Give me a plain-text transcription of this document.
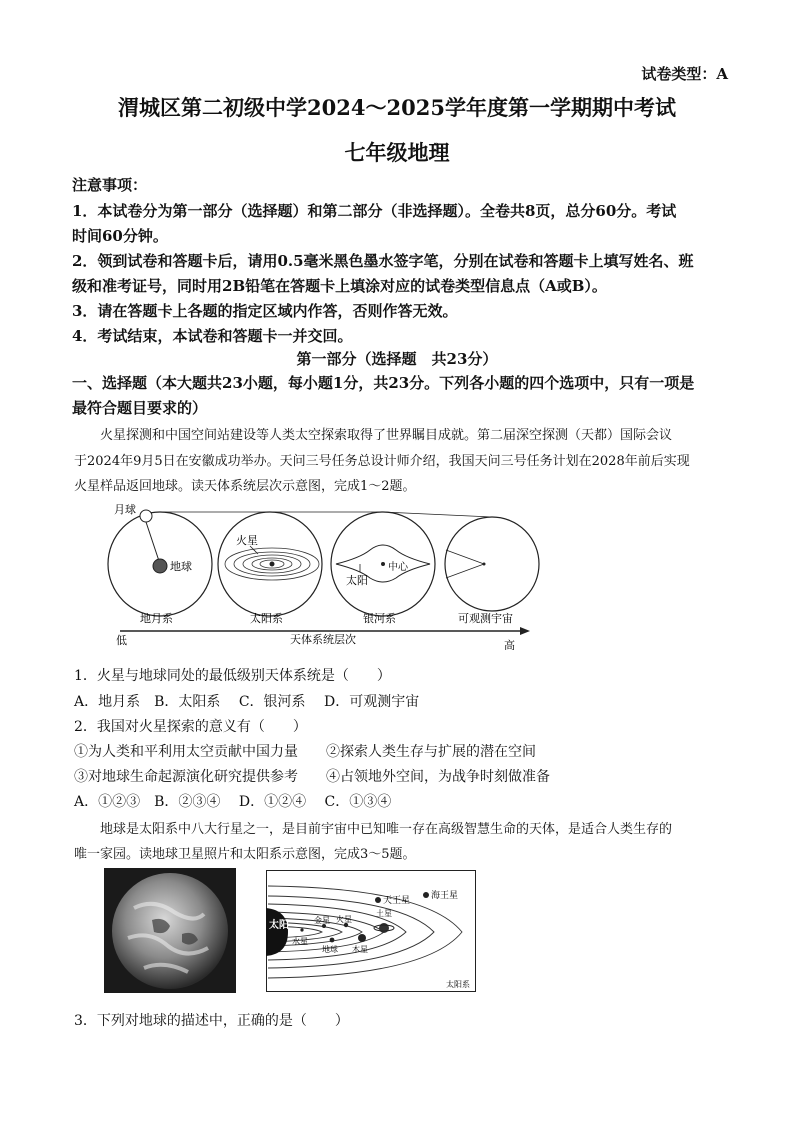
试卷类型：A
渭城区第二初级中学2024～2025学年度第一学期期中考试
七年级地理
注意事项：
1．本试卷分为第一部分（选择题）和第二部分（非选择题）。全卷共8页，总分60分。考试
时间60分钟。
2．领到试卷和答题卡后，请用0.5毫米黑色墨水签字笔，分别在试卷和答题卡上填写姓名、班
级和准考证号，同时用2B铅笔在答题卡上填涂对应的试卷类型信息点（A或B）。
3．请在答题卡上各题的指定区域内作答，否则作答无效。
4．考试结束，本试卷和答题卡一并交回。
第一部分（选择题　共23分）
一、选择题（本大题共23小题，每小题1分，共23分。下列各小题的四个选项中，只有一项是
最符合题目要求的）
火星探测和中国空间站建设等人类太空探索取得了世界瞩目成就。第二届深空探测（天都）国际会议
于2024年9月5日在安徽成功举办。天问三号任务总设计师介绍，我国天问三号任务计划在2028年前后实现
火星样品返回地球。读天体系统层次示意图，完成1～2题。
月球
地球
火星
太阳
中心
地月系	太阳系	银河系	可观测宇宙
低	天体系统层次	高
1．火星与地球同处的最低级别天体系统是（　　）
A．地月系　B．太阳系　 C．银河系　 D．可观测宇宙
2．我国对火星探索的意义有（　　）
①为人类和平利用太空贡献中国力量　　②探索人类生存与扩展的潜在空间
③对地球生命起源演化研究提供参考　　④占领地外空间，为战争时刻做准备
A．①②③　B．②③④　 D．①②④　 C．①③④
地球是太阳系中八大行星之一，是目前宇宙中已知唯一存在高级智慧生命的天体，是适合人类生存的
唯一家园。读地球卫星照片和太阳系示意图，完成3～5题。
太阳
天王星 海王星
土星
火星
金星
水星
地球 木星
太阳系
3．下列对地球的描述中，正确的是（　　）
